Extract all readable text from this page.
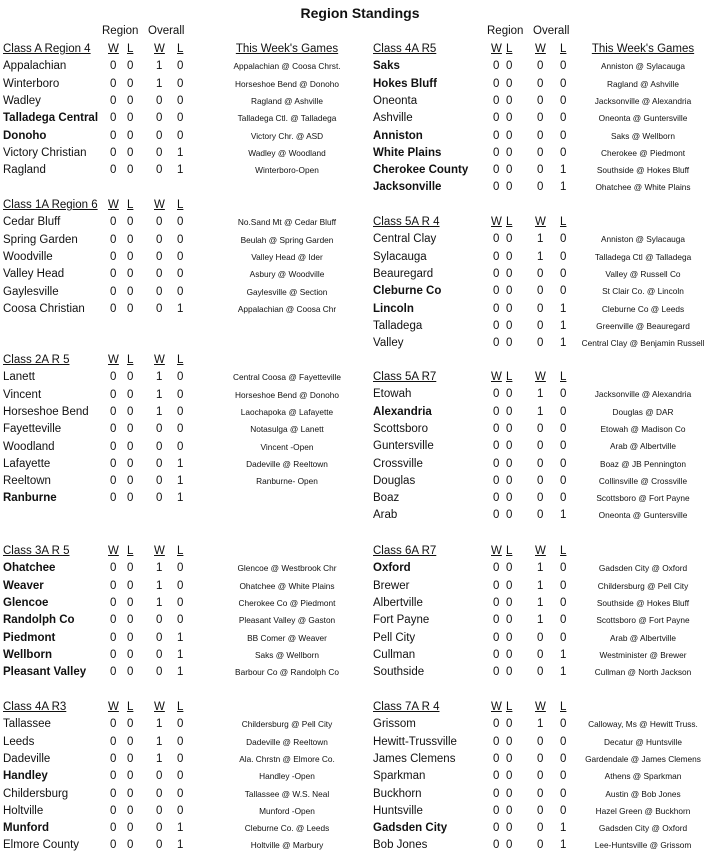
Region Standings
Region Overall	Region Overall
Class A Region 4 W L W L	This Week's Games
Appalachian	0 0 1 0	Appalachian @ Coosa Chrst.
Winterboro	0 0 1 0	Horseshoe Bend @ Donoho
Wadley	0 0 0 0	Ragland @ Ashville
Talladega Central 0 0 0 0	Talladega Ctl. @ Talladega
Donoho	0 0 0 0	Victory Chr. @ ASD
Victory Christian 0 0 0 1	Wadley @ Woodland
Ragland	0 0 0 1	Winterboro-Open
Class 1A Region 6 W L W L
Cedar Bluff	0 0 0 0	No.Sand Mt @ Cedar Bluff
Spring Garden	0 0 0 0	Beulah @ Spring Garden
Woodville	0 0 0 0	Valley Head @ Ider
Valley Head	0 0 0 0	Asbury @ Woodville
Gaylesville	0 0 0 0	Gaylesville @ Section
Coosa Christian 0 0 0 1	Appalachian @ Coosa Chr
Class 2A R 5	W L W L
Lanett	0 0 1 0	Central Coosa @ Fayetteville
Vincent	0 0 1 0	Horseshoe Bend @ Donoho
Horseshoe Bend 0 0 1 0	Laochapoka @ Lafayette
Fayetteville	0 0 0 0	Notasulga @ Lanett
Woodland	0 0 0 0	Vincent -Open
Lafayette	0 0 0 1	Dadeville @ Reeltown
Reeltown	0 0 0 1	Ranburne- Open
Ranburne	0 0 0 1
Class 3A R 5	W L W L
Ohatchee	0 0 1 0	Glencoe @ Westbrook Chr
Weaver	0 0 1 0	Ohatchee @ White Plains
Glencoe	0 0 1 0	Cherokee Co @ Piedmont
Randolph Co	0 0 0 0	Pleasant Valley @ Gaston
Piedmont	0 0 0 1	BB Comer @ Weaver
Wellborn	0 0 0 1	Saks @ Wellborn
Pleasant Valley 0 0 0 1	Barbour Co @ Randolph Co
Class 4A R3	W L W L
Tallassee	0 0 1 0	Childersburg @ Pell City
Leeds	0 0 1 0	Dadeville @ Reeltown
Dadeville	0 0 1 0	Ala. Chrstn @ Elmore Co.
Handley	0 0 0 0	Handley -Open
Childersburg	0 0 0 0	Tallassee @ W.S. Neal
Holtville	0 0 0 0	Munford -Open
Munford	0 0 0 1	Cleburne Co. @ Leeds
Elmore County	0 0 0 1	Holtville @ Marbury
Class 4A R5	W L W L	This Week's Games
Saks	0 0 0 0	Anniston @ Sylacauga
Hokes Bluff	0 0 0 0	Ragland @ Ashville
Oneonta	0 0 0 0	Jacksonville @ Alexandria
Ashville	0 0 0 0	Oneonta @ Guntersville
Anniston	0 0 0 0	Saks @ Wellborn
White Plains	0 0 0 0	Cherokee @ Piedmont
Cherokee County 0 0 0 1	Southside @ Hokes Bluff
Jacksonville	0 0 0 1	Ohatchee @ White Plains
Class 5A R 4	W L W L
Central Clay	0 0 1 0	Anniston @ Sylacauga
Sylacauga	0 0 1 0	Talladega Ctl @ Talladega
Beauregard	0 0 0 0	Valley @ Russell Co
Cleburne Co	0 0 0 0	St Clair Co. @ Lincoln
Lincoln	0 0 0 1	Cleburne Co @ Leeds
Talladega	0 0 0 1	Greenville @ Beauregard
Valley	0 0 0 1	Central Clay @ Benjamin Russell
Class 5A R7	W L W L
Etowah	0 0 1 0	Jacksonville @ Alexandria
Alexandria	0 0 1 0	Douglas @ DAR
Scottsboro	0 0 0 0	Etowah @ Madison Co
Guntersville	0 0 0 0	Arab @ Albertville
Crossville	0 0 0 0	Boaz @ JB Pennington
Douglas	0 0 0 0	Collinsville @ Crossville
Boaz	0 0 0 0	Scottsboro @ Fort Payne
Arab	0 0 0 1	Oneonta @ Guntersville
Class 6A R7	W L W L
Oxford	0 0 1 0	Gadsden City @ Oxford
Brewer	0 0 1 0	Childersburg @ Pell City
Albertville	0 0 1 0	Southside @ Hokes Bluff
Fort Payne	0 0 1 0	Scottsboro @ Fort Payne
Pell City	0 0 0 0	Arab @ Albertville
Cullman	0 0 0 1	Westminister @ Brewer
Southside	0 0 0 1	Cullman @ North Jackson
Class 7A R 4	W L W L
Grissom	0 0 1 0	Calloway, Ms @ Hewitt Truss.
Hewitt-Trussville	0 0 0 0	Decatur @ Huntsville
James Clemens	0 0 0 0	Gardendale @ James Clemens
Sparkman	0 0 0 0	Athens @ Sparkman
Buckhorn	0 0 0 0	Austin @ Bob Jones
Huntsville	0 0 0 0	Hazel Green @ Buckhorn
Gadsden City	0 0 0 1	Gadsden City @ Oxford
Bob Jones	0 0 0 1	Lee-Huntsville @ Grissom
